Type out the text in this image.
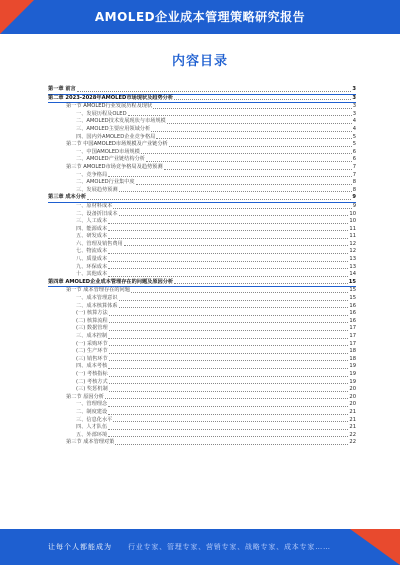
AMOLED企业成本管理策略研究报告
内容目录
第一章 前言	3
第二章 2023-2028年AMOLED市场现状及趋势分析	3
第一节 AMOLED行业发展历程及现状	3
一、发展历程及OLED	3
二、AMOLED技术发展现状与市场规模	4
三、AMOLED主要应用领域分析	4
四、国内外AMOLED企业竞争格局	5
第二节 中国AMOLED市场规模及产业链分析	5
一、中国AMOLED市场规模	6
二、AMOLED产业链结构分析	6
第三节 AMOLED市场竞争格局及趋势预测	7
一、竞争格局	7
二、AMOLED行业集中度	8
三、发展趋势预测	8
第三章 成本分析	9
一、原材料成本	9
二、设备折旧成本	10
三、人工成本	10
四、能源成本	11
五、研发成本	11
六、管理及销售费用	12
七、物流成本	12
八、质量成本	13
九、环保成本	13
十、其他成本	14
第四章 AMOLED企业成本管理存在的问题及原因分析	15
第一节 成本管理存在的问题	15
一、成本管理意识	15
二、成本核算体系	16
(一) 核算方法	16
(二) 核算流程	16
(三) 数据管理	17
三、成本控制	17
(一) 采购环节	17
(二) 生产环节	18
(三) 销售环节	18
四、成本考核	19
(一) 考核指标	19
(二) 考核方式	19
(三) 奖惩机制	20
第二节 原因分析	20
一、管理理念	20
二、制度建设	21
三、信息化水平	21
四、人才队伍	21
五、外部环境	22
第三节 成本管理对策	22
让每个人都能成为 行业专家、管理专家、营销专家、战略专家、成本专家……
